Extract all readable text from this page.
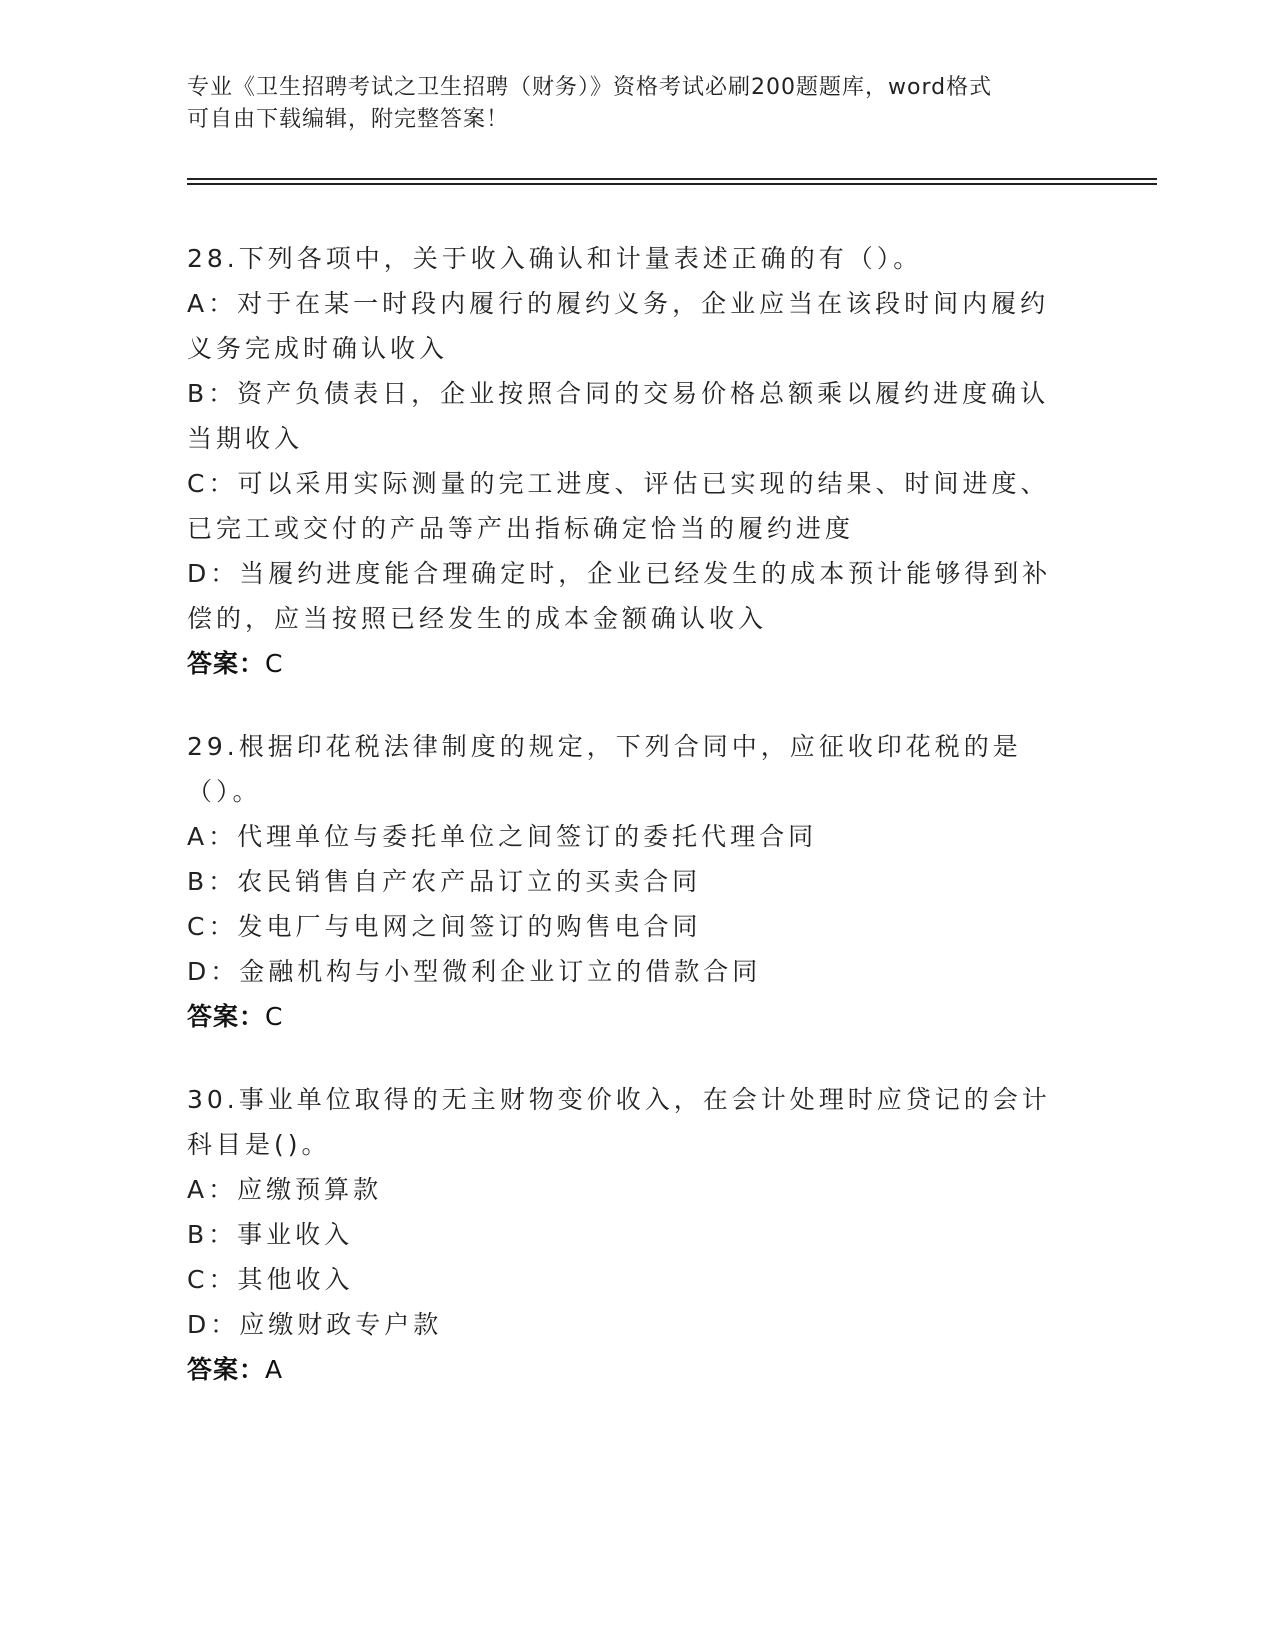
专业《卫生招聘考试之卫生招聘（财务）》资格考试必刷200题题库，word格式
可自由下载编辑，附完整答案！
28.下列各项中，关于收入确认和计量表述正确的有（）。
A：对于在某一时段内履行的履约义务，企业应当在该段时间内履约义务完成时确认收入
B：资产负债表日，企业按照合同的交易价格总额乘以履约进度确认当期收入
C：可以采用实际测量的完工进度、评估已实现的结果、时间进度、已完工或交付的产品等产出指标确定恰当的履约进度
D：当履约进度能合理确定时，企业已经发生的成本预计能够得到补偿的，应当按照已经发生的成本金额确认收入
答案：C
29.根据印花税法律制度的规定，下列合同中，应征收印花税的是（）。
A：代理单位与委托单位之间签订的委托代理合同
B：农民销售自产农产品订立的买卖合同
C：发电厂与电网之间签订的购售电合同
D：金融机构与小型微利企业订立的借款合同
答案：C
30.事业单位取得的无主财物变价收入，在会计处理时应贷记的会计科目是()。
A：应缴预算款
B：事业收入
C：其他收入
D：应缴财政专户款
答案：A
